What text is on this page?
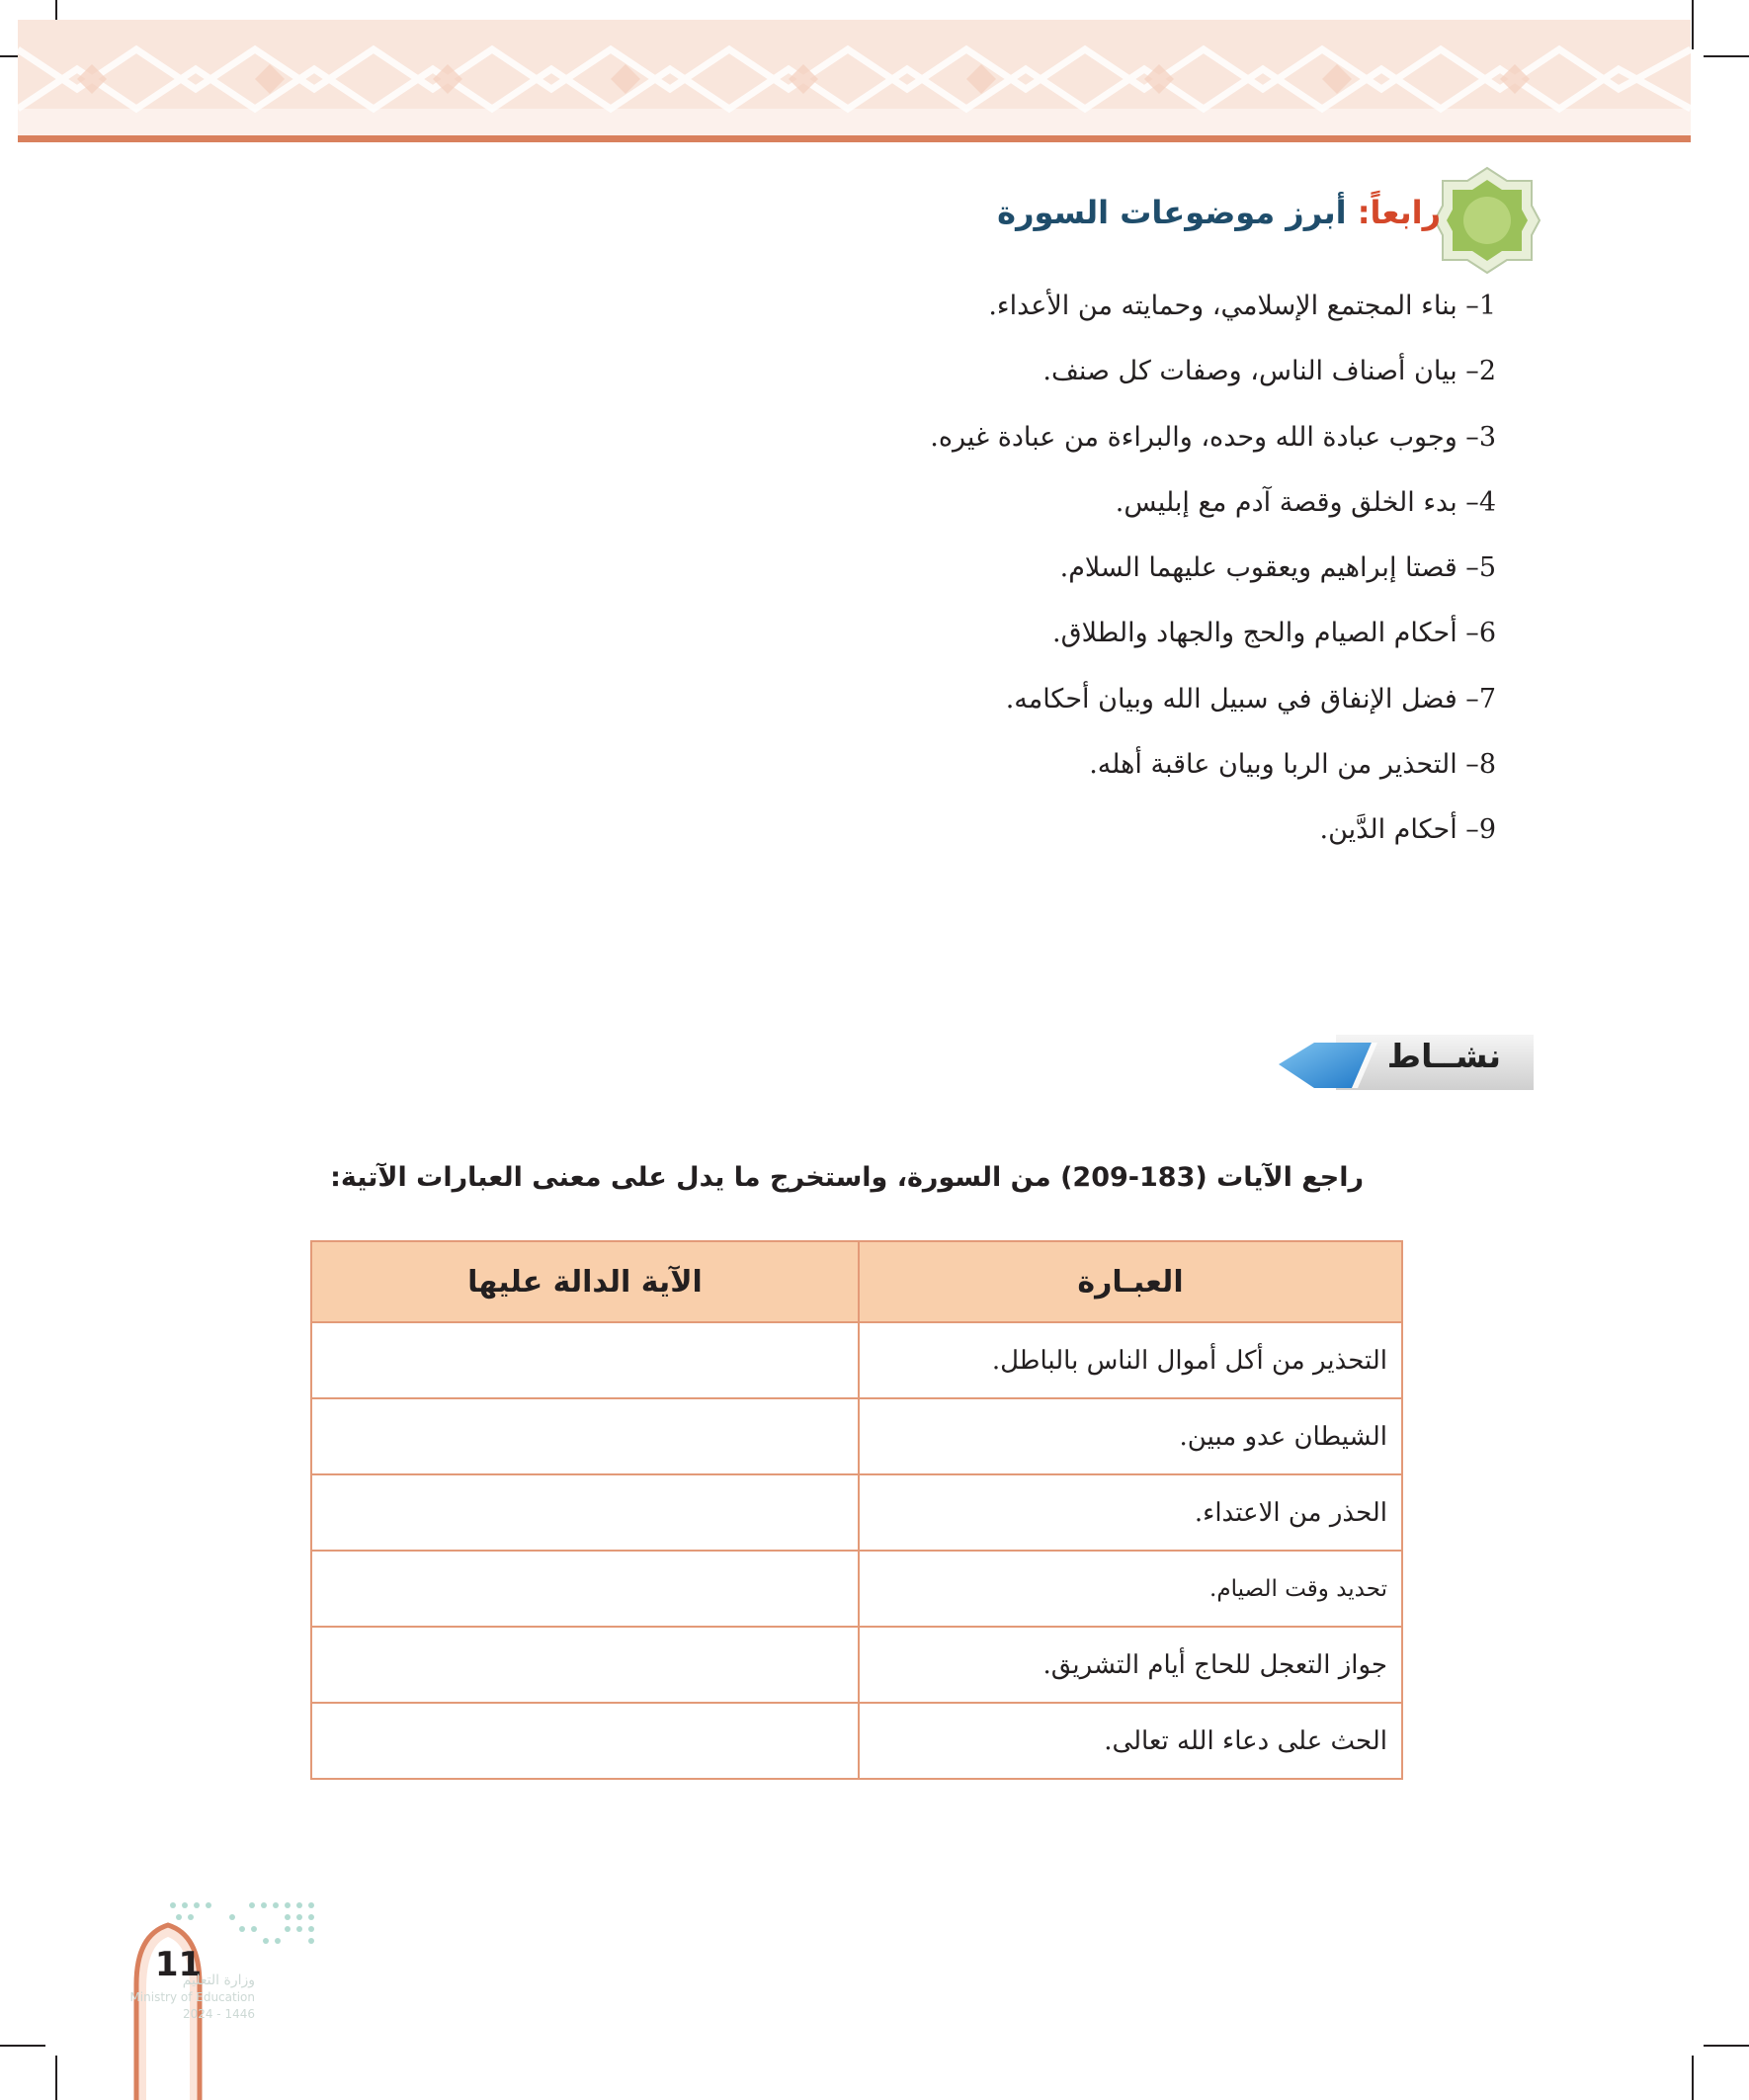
رابعاً: أبرز موضوعات السورة
1– بناء المجتمع الإسلامي، وحمايته من الأعداء.
2– بيان أصناف الناس، وصفات كل صنف.
3– وجوب عبادة الله وحده، والبراءة من عبادة غيره.
4– بدء الخلق وقصة آدم مع إبليس.
5– قصتا إبراهيم ويعقوب عليهما السلام.
6– أحكام الصيام والحج والجهاد والطلاق.
7– فضل الإنفاق في سبيل الله وبيان أحكامه.
8– التحذير من الربا وبيان عاقبة أهله.
9– أحكام الدَّين.
نشــاط
راجع الآيات (183-209) من السورة، واستخرج ما يدل على معنى العبارات الآتية:
العبـارة	الآية الدالة عليها
التحذير من أكل أموال الناس بالباطل.	
الشيطان عدو مبين.	
الحذر من الاعتداء.	
تحديد وقت الصيام.	
جواز التعجل للحاج أيام التشريق.	
الحث على دعاء الله تعالى.	
11
وزارة التعليم
Ministry of Education
2024 - 1446
